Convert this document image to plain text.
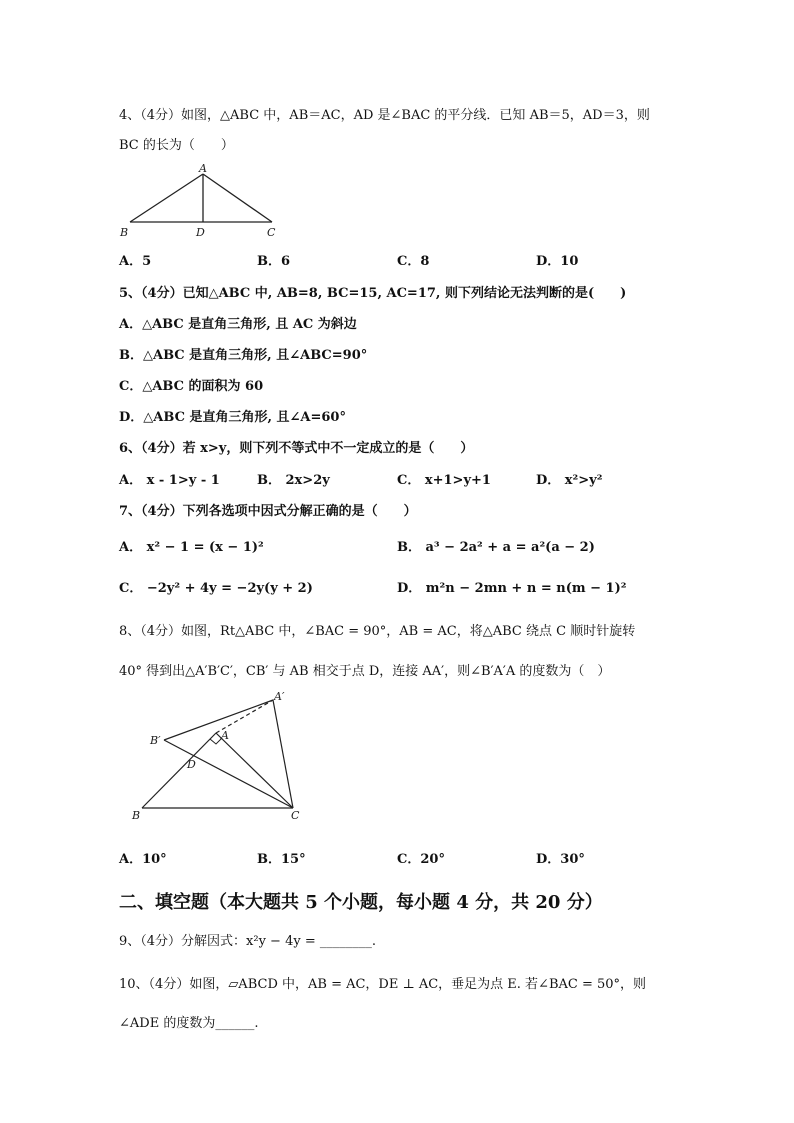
4、（4分）如图，△ABC 中，AB＝AC，AD 是∠BAC 的平分线．已知 AB＝5，AD＝3，则
BC 的长为（　　）
A
B	D	C
A．5	B．6	C．8	D．10
5、（4分）已知△ABC 中, AB=8, BC=15, AC=17, 则下列结论无法判断的是(　　)
A．△ABC 是直角三角形, 且 AC 为斜边
B．△ABC 是直角三角形, 且∠ABC=90°
C．△ABC 的面积为 60
D．△ABC 是直角三角形, 且∠A=60°
6、（4分）若 x>y，则下列不等式中不一定成立的是（　　）
A． x - 1>y - 1	B． 2x>2y	C． x+1>y+1	D． x²>y²
7、（4分）下列各选项中因式分解正确的是（　　）
A． x² − 1 = (x − 1)²	B． a³ − 2a² + a = a²(a − 2)
C． −2y² + 4y = −2y(y + 2)	D． m²n − 2mn + n = n(m − 1)²
8、（4分）如图，Rt△ABC 中，∠BAC = 90°，AB = AC，将△ABC 绕点 C 顺时针旋转
40° 得到出△A′B′C′，CB′ 与 AB 相交于点 D，连接 AA′，则∠B′A′A 的度数为（　）
A′
A
B′
D
B	C
A．10°	B．15°	C．20°	D．30°
二、填空题（本大题共 5 个小题，每小题 4 分，共 20 分）
9、（4分）分解因式：x²y − 4y = ________.
10、（4分）如图，▱ABCD 中，AB = AC，DE ⊥ AC，垂足为点 E. 若∠BAC = 50°，则
∠ADE 的度数为______.
